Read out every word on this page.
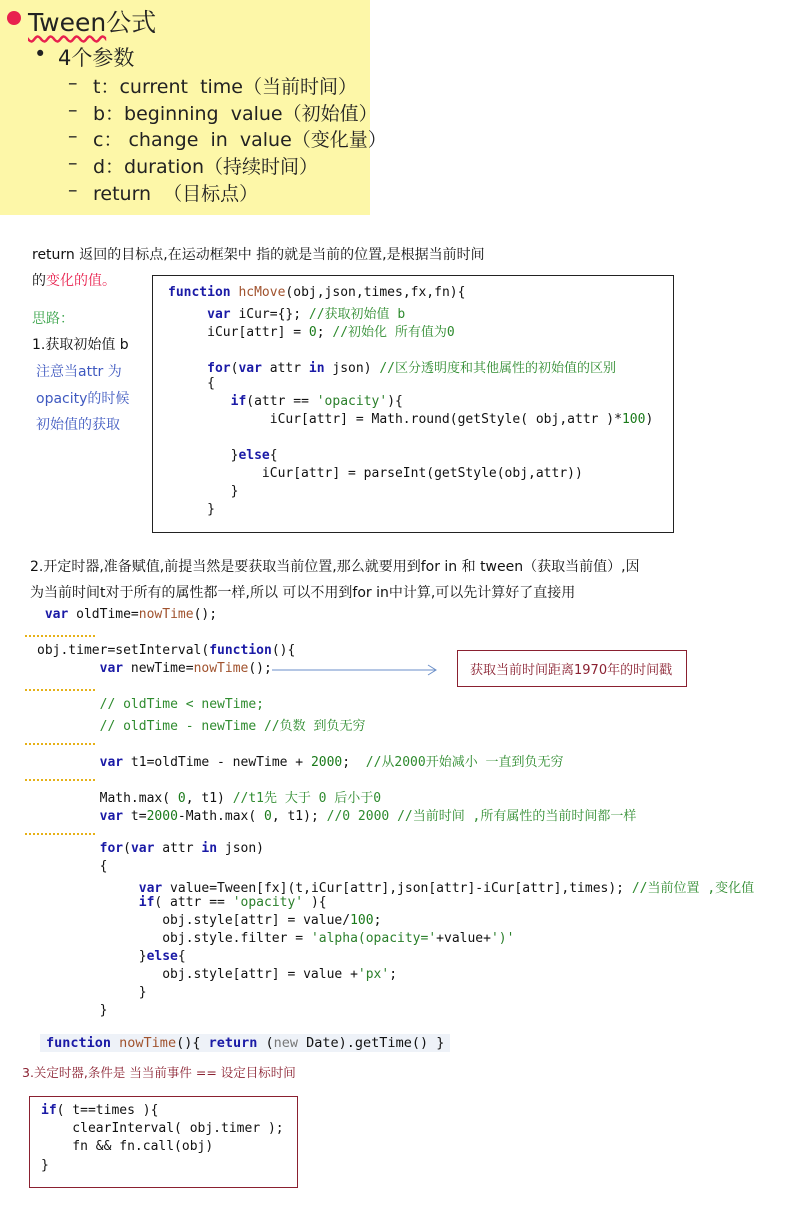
Tween公式
• 4个参数
– t：current  time（当前时间）
– b：beginning  value（初始值）
– c： change  in  value（变化量）
– d：duration（持续时间）
– return  （目标点）
return 返回的目标点,在运动框架中 指的就是当前的位置,是根据当前时间
的变化的值。
思路：
1.获取初始值 b
注意当attr 为
opacity的时候
初始值的获取
function hcMove(obj,json,times,fx,fn){
var iCur={}; //获取初始值 b
iCur[attr] = 0; //初始化 所有值为0
for(var attr in json) //区分透明度和其他属性的初始值的区别
{
if(attr == 'opacity'){
iCur[attr] = Math.round(getStyle( obj,attr )*100)
}else{
iCur[attr] = parseInt(getStyle(obj,attr))
}
}
2.开定时器,准备赋值,前提当然是要获取当前位置,那么就要用到for in 和 tween（获取当前值）,因
为当前时间t对于所有的属性都一样,所以 可以不用到for in中计算,可以先计算好了直接用
var oldTime=nowTime();
obj.timer=setInterval(function(){
var newTime=nowTime();
// oldTime < newTime;
// oldTime - newTime //负数 到负无穷
var t1=oldTime - newTime + 2000;  //从2000开始减小 一直到负无穷
Math.max( 0, t1) //t1先 大于 0 后小于0
var t=2000-Math.max( 0, t1); //0 2000 //当前时间 ,所有属性的当前时间都一样
for(var attr in json)
{
var value=Tween[fx](t,iCur[attr],json[attr]-iCur[attr],times); //当前位置 ,变化值
if( attr == 'opacity' ){
obj.style[attr] = value/100;
obj.style.filter = 'alpha(opacity='+value+')'
}else{
obj.style[attr] = value +'px';
}
}
获取当前时间距离1970年的时间戳
function nowTime(){ return (new Date).getTime() }
3.关定时器,条件是 当当前事件 == 设定目标时间
if( t==times ){
clearInterval( obj.timer );
fn && fn.call(obj)
}
